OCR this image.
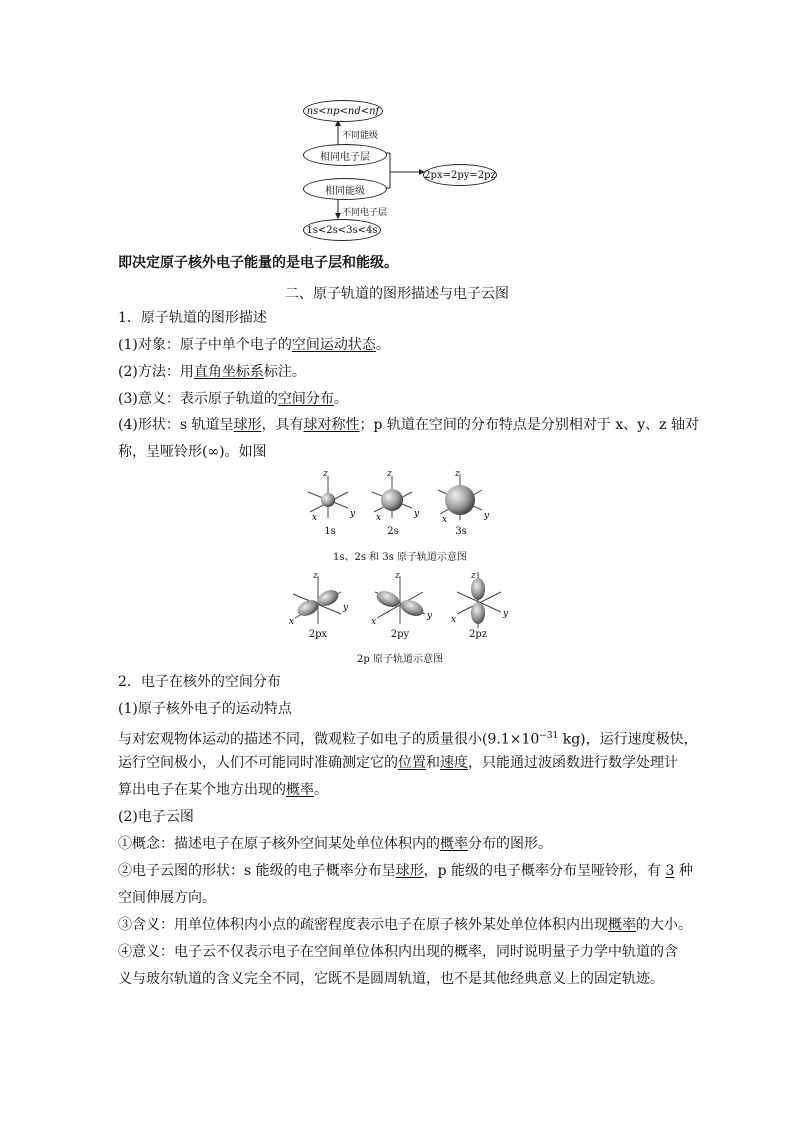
ns<np<nd<nf
不同能级
相同电子层
相同能级
不同电子层
1s<2s<3s<4s
2px=2py=2pz
即决定原子核外电子能量的是电子层和能级。
二、原子轨道的图形描述与电子云图
1．原子轨道的图形描述
(1)对象：原子中单个电子的空间运动状态。
(2)方法：用直角坐标系标注。
(3)意义：表示原子轨道的空间分布。
(4)形状：s 轨道呈球形，具有球对称性；p 轨道在空间的分布特点是分别相对于 x、y、z 轴对
称，呈哑铃形(∞)。如图
z
x	y
z
x	y
z
x	y
1s	2s	3s
1s、2s 和 3s 原子轨道示意图
z
x
y
z
x
y
z
x
y
2px	2py	2pz
2p 原子轨道示意图
2．电子在核外的空间分布
(1)原子核外电子的运动特点
与对宏观物体运动的描述不同，微观粒子如电子的质量很小($9.1\times 10^{-31}$ kg)，运行速度极快，
运行空间极小，人们不可能同时准确测定它的位置和速度，只能通过波函数进行数学处理计
算出电子在某个地方出现的概率。
(2)电子云图
①概念：描述电子在原子核外空间某处单位体积内的概率分布的图形。
②电子云图的形状：s 能级的电子概率分布呈球形，p 能级的电子概率分布呈哑铃形，有 3 种
空间伸展方向。
③含义：用单位体积内小点的疏密程度表示电子在原子核外某处单位体积内出现概率的大小。
④意义：电子云不仅表示电子在空间单位体积内出现的概率，同时说明量子力学中轨道的含
义与玻尔轨道的含义完全不同，它既不是圆周轨道，也不是其他经典意义上的固定轨迹。
